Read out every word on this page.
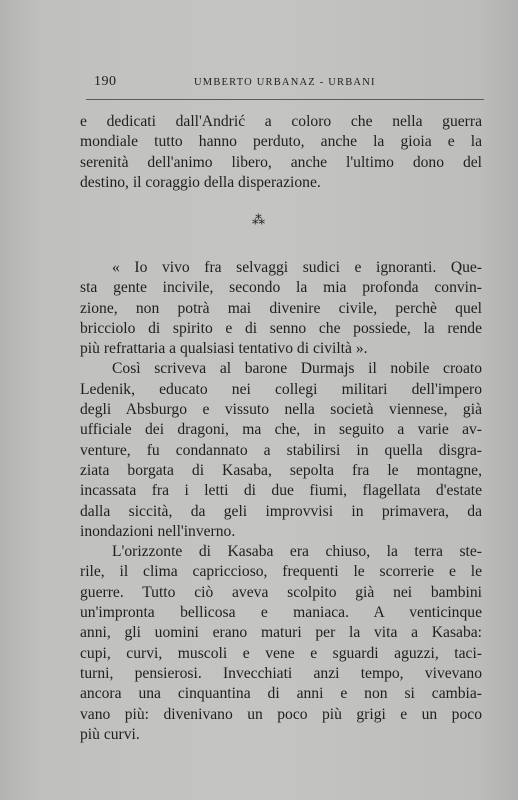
190	UMBERTO URBANAZ - URBANI
e dedicati dall'Andrić a coloro che nella guerra
mondiale tutto hanno perduto, anche la gioia e la
serenità dell'animo libero, anche l'ultimo dono del
destino, il coraggio della disperazione.
⁂
« Io vivo fra selvaggi sudici e ignoranti. Que-
sta gente incivile, secondo la mia profonda convin-
zione, non potrà mai divenire civile, perchè quel
bricciolo di spirito e di senno che possiede, la rende
più refrattaria a qualsiasi tentativo di civiltà ».
Così scriveva al barone Durmajs il nobile croato
Ledenik, educato nei collegi militari dell'impero
degli Absburgo e vissuto nella società viennese, già
ufficiale dei dragoni, ma che, in seguito a varie av-
venture, fu condannato a stabilirsi in quella disgra-
ziata borgata di Kasaba, sepolta fra le montagne,
incassata fra i letti di due fiumi, flagellata d'estate
dalla siccità, da geli improvvisi in primavera, da
inondazioni nell'inverno.
L'orizzonte di Kasaba era chiuso, la terra ste-
rile, il clima capriccioso, frequenti le scorrerie e le
guerre. Tutto ciò aveva scolpito già nei bambini
un'impronta bellicosa e maniaca. A venticinque
anni, gli uomini erano maturi per la vita a Kasaba:
cupi, curvi, muscoli e vene e sguardi aguzzi, taci-
turni, pensierosi. Invecchiati anzi tempo, vivevano
ancora una cinquantina di anni e non si cambia-
vano più: divenivano un poco più grigi e un poco
più curvi.
